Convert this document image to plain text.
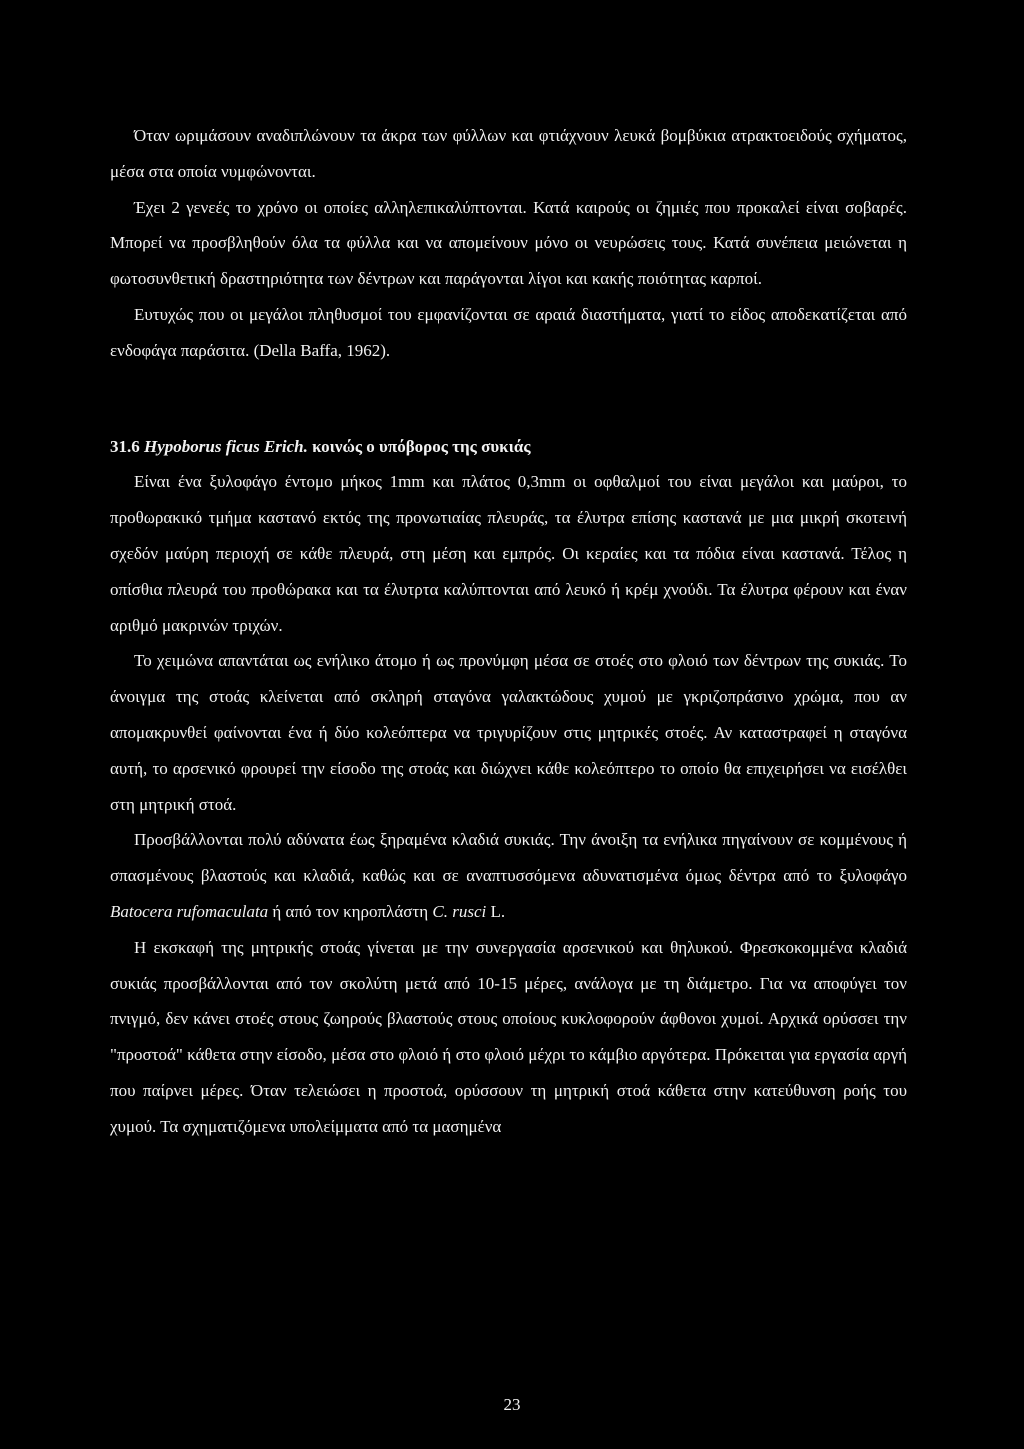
Όταν ωριμάσουν αναδιπλώνουν τα άκρα των φύλλων και φτιάχνουν λευκά βομβύκια ατρακτοειδούς σχήματος, μέσα στα οποία νυμφώνονται.

Έχει 2 γενεές το χρόνο οι οποίες αλληλεπικαλύπτονται. Κατά καιρούς οι ζημιές που προκαλεί είναι σοβαρές. Μπορεί να προσβληθούν όλα τα φύλλα και να απομείνουν μόνο οι νευρώσεις τους. Κατά συνέπεια μειώνεται η φωτοσυνθετική δραστηριότητα των δέντρων και παράγονται λίγοι και κακής ποιότητας καρποί.

Ευτυχώς που οι μεγάλοι πληθυσμοί του εμφανίζονται σε αραιά διαστήματα, γιατί το είδος αποδεκατίζεται από ενδοφάγα παράσιτα. (Della Baffa, 1962).

31.6 Hypoborus ficus Erich. κοινώς ο υπόβορος της συκιάς

Είναι ένα ξυλοφάγο έντομο μήκος 1mm και πλάτος 0,3mm οι οφθαλμοί του είναι μεγάλοι και μαύροι, το προθωρακικό τμήμα καστανό εκτός της προνωτιαίας πλευράς, τα έλυτρα επίσης καστανά με μια μικρή σκοτεινή σχεδόν μαύρη περιοχή σε κάθε πλευρά, στη μέση και εμπρός. Οι κεραίες και τα πόδια είναι καστανά. Τέλος η οπίσθια πλευρά του προθώρακα και τα έλυτρτα καλύπτονται από λευκό ή κρέμ χνούδι. Τα έλυτρα φέρουν και έναν αριθμό μακρινών τριχών.

Το χειμώνα απαντάται ως ενήλικο άτομο ή ως προνύμφη μέσα σε στοές στο φλοιό των δέντρων της συκιάς. Το άνοιγμα της στοάς κλείνεται από σκληρή σταγόνα γαλακτώδους χυμού με γκριζοπράσινο χρώμα, που αν απομακρυνθεί φαίνονται ένα ή δύο κολεόπτερα να τριγυρίζουν στις μητρικές στοές. Αν καταστραφεί η σταγόνα αυτή, το αρσενικό φρουρεί την είσοδο της στοάς και διώχνει κάθε κολεόπτερο το οποίο θα επιχειρήσει να εισέλθει στη μητρική στοά.

Προσβάλλονται πολύ αδύνατα έως ξηραμένα κλαδιά συκιάς. Την άνοιξη τα ενήλικα πηγαίνουν σε κομμένους ή σπασμένους βλαστούς και κλαδιά, καθώς και σε αναπτυσσόμενα αδυνατισμένα όμως δέντρα από το ξυλοφάγο Batocera rufomaculata ή από τον κηροπλάστη C. rusci L.

Η εκσκαφή της μητρικής στοάς γίνεται με την συνεργασία αρσενικού και θηλυκού. Φρεσκοκομμένα κλαδιά συκιάς προσβάλλονται από τον σκολύτη μετά από 10-15 μέρες, ανάλογα με τη διάμετρο. Για να αποφύγει τον πνιγμό, δεν κάνει στοές στους ζωηρούς βλαστούς στους οποίους κυκλοφορούν άφθονοι χυμοί. Αρχικά ορύσσει την "προστοά" κάθετα στην είσοδο, μέσα στο φλοιό ή στο φλοιό μέχρι το κάμβιο αργότερα. Πρόκειται για εργασία αργή που παίρνει μέρες. Όταν τελειώσει η προστοά, ορύσσουν τη μητρική στοά κάθετα στην κατεύθυνση ροής του χυμού. Τα σχηματιζόμενα υπολείμματα από τα μασημένα

23
